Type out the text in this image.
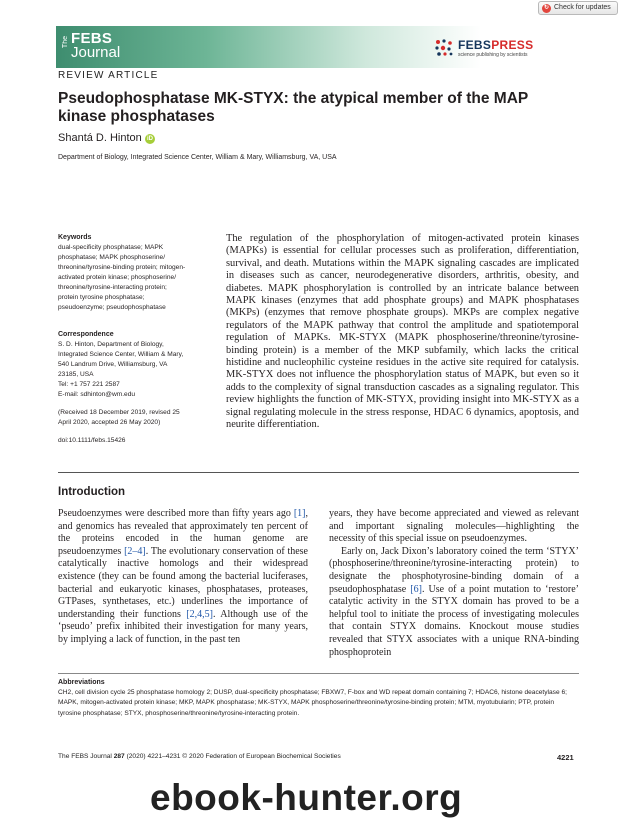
↻ Check for updates
The FEBS
Journal	FEBSPRESS
science publishing by scientists
REVIEW ARTICLE
Pseudophosphatase MK-STYX: the atypical member of the MAP kinase phosphatases
Shantá D. Hinton iD
Department of Biology, Integrated Science Center, William & Mary, Williamsburg, VA, USA
Keywords
dual-specificity phosphatase; MAPK
phosphatase; MAPK phosphoserine/
threonine/tyrosine-binding protein; mitogen-
activated protein kinase; phosphoserine/
threonine/tyrosine-interacting protein;
protein tyrosine phosphatase;
pseudoenzyme; pseudophosphatase
Correspondence
S. D. Hinton, Department of Biology,
Integrated Science Center, William & Mary,
540 Landrum Drive, Williamsburg, VA
23185, USA
Tel: +1 757 221 2587
E-mail: sdhinton@wm.edu
(Received 18 December 2019, revised 25
April 2020, accepted 26 May 2020)
doi:10.1111/febs.15426
The regulation of the phosphorylation of mitogen-activated protein kinases (MAPKs) is essential for cellular processes such as proliferation, differentiation, survival, and death. Mutations within the MAPK signaling cascades are implicated in diseases such as cancer, neurodegenerative disorders, arthritis, obesity, and diabetes. MAPK phosphorylation is controlled by an intricate balance between MAPK kinases (enzymes that add phosphate groups) and MAPK phosphatases (MKPs) (enzymes that remove phosphate groups). MKPs are complex negative regulators of the MAPK pathway that control the amplitude and spatiotemporal regulation of MAPKs. MK-STYX (MAPK phosphoserine/threonine/tyrosine-binding protein) is a member of the MKP subfamily, which lacks the critical histidine and nucleophilic cysteine residues in the active site required for catalysis. MK-STYX does not influence the phosphorylation status of MAPK, but even so it adds to the complexity of signal transduction cascades as a signaling regulator. This review highlights the function of MK-STYX, providing insight into MK-STYX as a signal regulating molecule in the stress response, HDAC 6 dynamics, apoptosis, and neurite differentiation.
Introduction

Pseudoenzymes were described more than fifty years ago [1], and genomics has revealed that approximately ten percent of the proteins encoded in the human genome are pseudoenzymes [2–4]. The evolutionary conservation of these catalytically inactive homologs and their widespread existence (they can be found among the bacterial luciferases, bacterial and eukaryotic kinases, phosphatases, proteases, GTPases, synthetases, etc.) underlines the importance of understanding their functions [2,4,5]. Although use of the ‘pseudo’ prefix inhibited their investigation for many years, by implying a lack of function, in the past ten

years, they have become appreciated and viewed as relevant and important signaling molecules—highlighting the necessity of this special issue on pseudoenzymes.

Early on, Jack Dixon’s laboratory coined the term ‘STYX’ (phosphoserine/threonine/tyrosine-interacting protein) to designate the phosphotyrosine-binding domain of a pseudophosphatase [6]. Use of a point mutation to ‘restore’ catalytic activity in the STYX domain has proved to be a helpful tool to initiate the process of investigating molecules that contain STYX domains. Knockout mouse studies revealed that STYX associates with a unique RNA-binding phosphoprotein

Abbreviations
CH2, cell division cycle 25 phosphatase homology 2; DUSP, dual-specificity phosphatase; FBXW7, F-box and WD repeat domain containing 7; HDAC6, histone deacetylase 6; MAPK, mitogen-activated protein kinase; MKP, MAPK phosphatase; MK-STYX, MAPK phosphoserine/threonine/tyrosine-binding protein; MTM, myotubularin; PTP, protein tyrosine phosphatase; STYX, phosphoserine/threonine/tyrosine-interacting protein.
The FEBS Journal 287 (2020) 4221–4231 © 2020 Federation of European Biochemical Societies	4221
ebook-hunter.org
